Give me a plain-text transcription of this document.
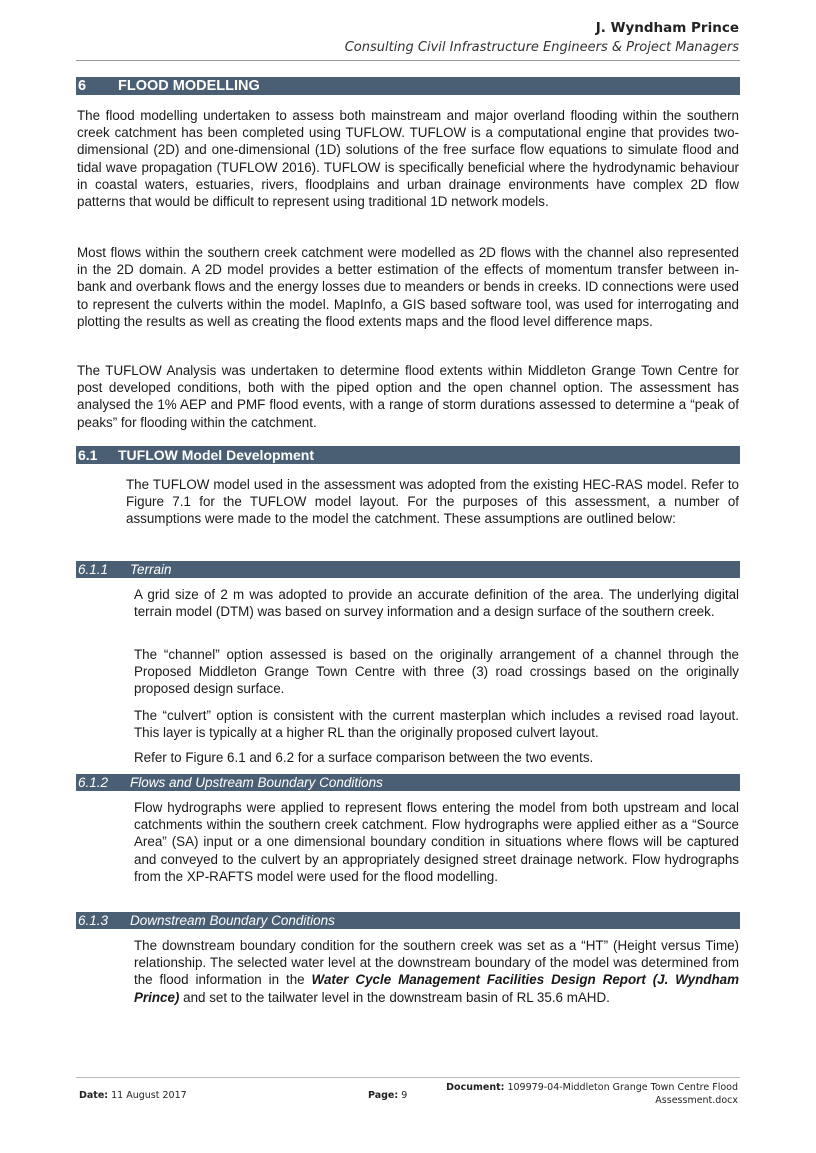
J. Wyndham Prince
Consulting Civil Infrastructure Engineers & Project Managers
6 FLOOD MODELLING

The flood modelling undertaken to assess both mainstream and major overland flooding within the southern creek catchment has been completed using TUFLOW. TUFLOW is a computational engine that provides two-dimensional (2D) and one-dimensional (1D) solutions of the free surface flow equations to simulate flood and tidal wave propagation (TUFLOW 2016). TUFLOW is specifically beneficial where the hydrodynamic behaviour in coastal waters, estuaries, rivers, floodplains and urban drainage environments have complex 2D flow patterns that would be difficult to represent using traditional 1D network models.

Most flows within the southern creek catchment were modelled as 2D flows with the channel also represented in the 2D domain. A 2D model provides a better estimation of the effects of momentum transfer between in-bank and overbank flows and the energy losses due to meanders or bends in creeks. ID connections were used to represent the culverts within the model. MapInfo, a GIS based software tool, was used for interrogating and plotting the results as well as creating the flood extents maps and the flood level difference maps.

The TUFLOW Analysis was undertaken to determine flood extents within Middleton Grange Town Centre for post developed conditions, both with the piped option and the open channel option. The assessment has analysed the 1% AEP and PMF flood events, with a range of storm durations assessed to determine a “peak of peaks” for flooding within the catchment.

6.1 TUFLOW Model Development

The TUFLOW model used in the assessment was adopted from the existing HEC-RAS model. Refer to Figure 7.1 for the TUFLOW model layout. For the purposes of this assessment, a number of assumptions were made to the model the catchment. These assumptions are outlined below:

6.1.1 Terrain

A grid size of 2 m was adopted to provide an accurate definition of the area. The underlying digital terrain model (DTM) was based on survey information and a design surface of the southern creek.

The “channel” option assessed is based on the originally arrangement of a channel through the Proposed Middleton Grange Town Centre with three (3) road crossings based on the originally proposed design surface.

The “culvert” option is consistent with the current masterplan which includes a revised road layout. This layer is typically at a higher RL than the originally proposed culvert layout.

Refer to Figure 6.1 and 6.2 for a surface comparison between the two events.

6.1.2 Flows and Upstream Boundary Conditions

Flow hydrographs were applied to represent flows entering the model from both upstream and local catchments within the southern creek catchment. Flow hydrographs were applied either as a “Source Area” (SA) input or a one dimensional boundary condition in situations where flows will be captured and conveyed to the culvert by an appropriately designed street drainage network. Flow hydrographs from the XP-RAFTS model were used for the flood modelling.

6.1.3 Downstream Boundary Conditions

The downstream boundary condition for the southern creek was set as a “HT” (Height versus Time) relationship. The selected water level at the downstream boundary of the model was determined from the flood information in the Water Cycle Management Facilities Design Report (J. Wyndham Prince) and set to the tailwater level in the downstream basin of RL 35.6 mAHD.

Date: 11 August 2017	Page: 9
Document: 109979-04-Middleton Grange Town Centre Flood
Assessment.docx
